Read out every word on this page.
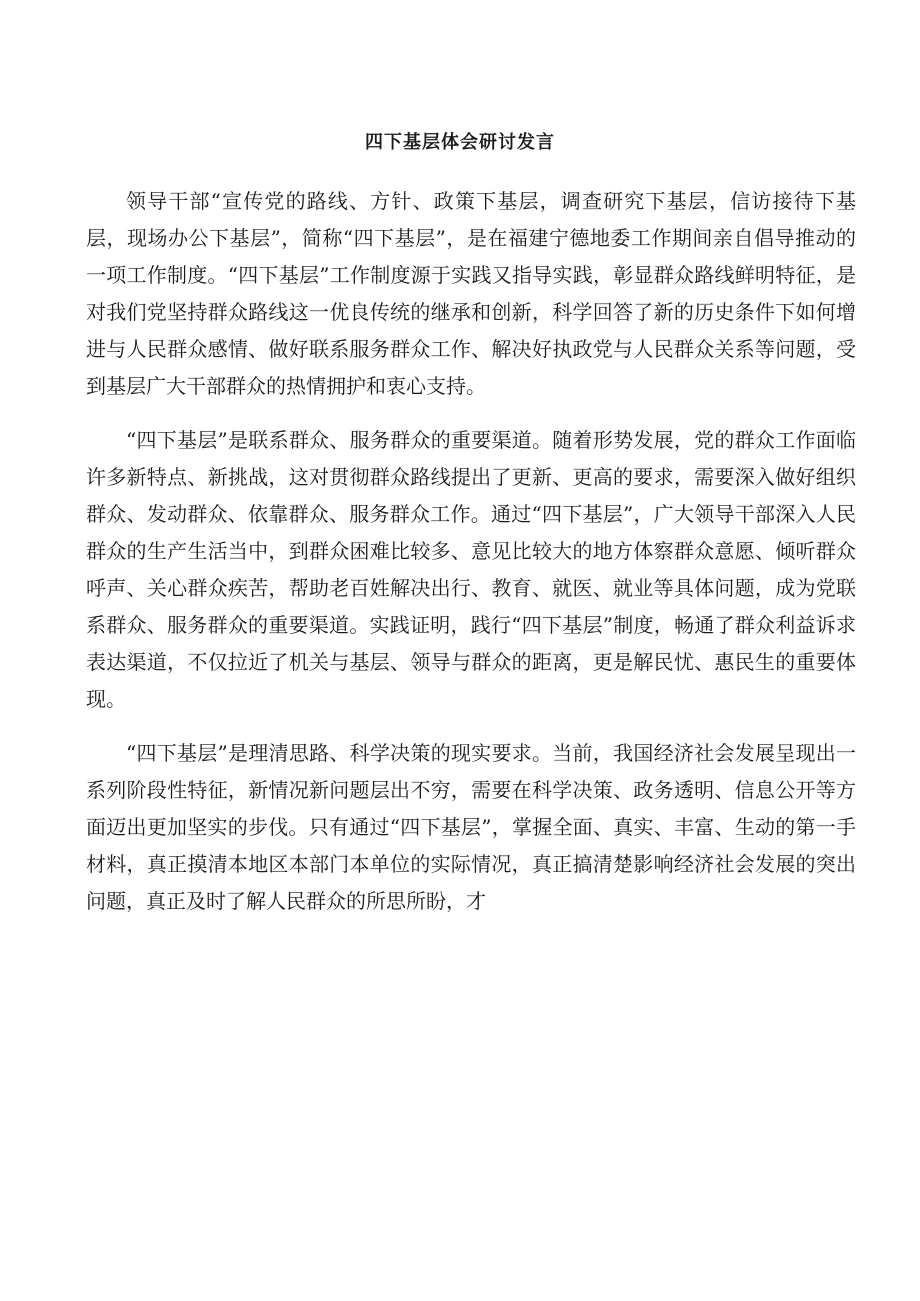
四下基层体会研讨发言

领导干部“宣传党的路线、方针、政策下基层，调查研究下基层，信访接待下基层，现场办公下基层”，简称“四下基层”，是在福建宁德地委工作期间亲自倡导推动的一项工作制度。“四下基层”工作制度源于实践又指导实践，彰显群众路线鲜明特征，是对我们党坚持群众路线这一优良传统的继承和创新，科学回答了新的历史条件下如何增进与人民群众感情、做好联系服务群众工作、解决好执政党与人民群众关系等问题，受到基层广大干部群众的热情拥护和衷心支持。

“四下基层”是联系群众、服务群众的重要渠道。随着形势发展，党的群众工作面临许多新特点、新挑战，这对贯彻群众路线提出了更新、更高的要求，需要深入做好组织群众、发动群众、依靠群众、服务群众工作。通过“四下基层”，广大领导干部深入人民群众的生产生活当中，到群众困难比较多、意见比较大的地方体察群众意愿、倾听群众呼声、关心群众疾苦，帮助老百姓解决出行、教育、就医、就业等具体问题，成为党联系群众、服务群众的重要渠道。实践证明，践行“四下基层”制度，畅通了群众利益诉求表达渠道，不仅拉近了机关与基层、领导与群众的距离，更是解民忧、惠民生的重要体现。

“四下基层”是理清思路、科学决策的现实要求。当前，我国经济社会发展呈现出一系列阶段性特征，新情况新问题层出不穷，需要在科学决策、政务透明、信息公开等方面迈出更加坚实的步伐。只有通过“四下基层”，掌握全面、真实、丰富、生动的第一手材料，真正摸清本地区本部门本单位的实际情况，真正搞清楚影响经济社会发展的突出问题，真正及时了解人民群众的所思所盼，才
